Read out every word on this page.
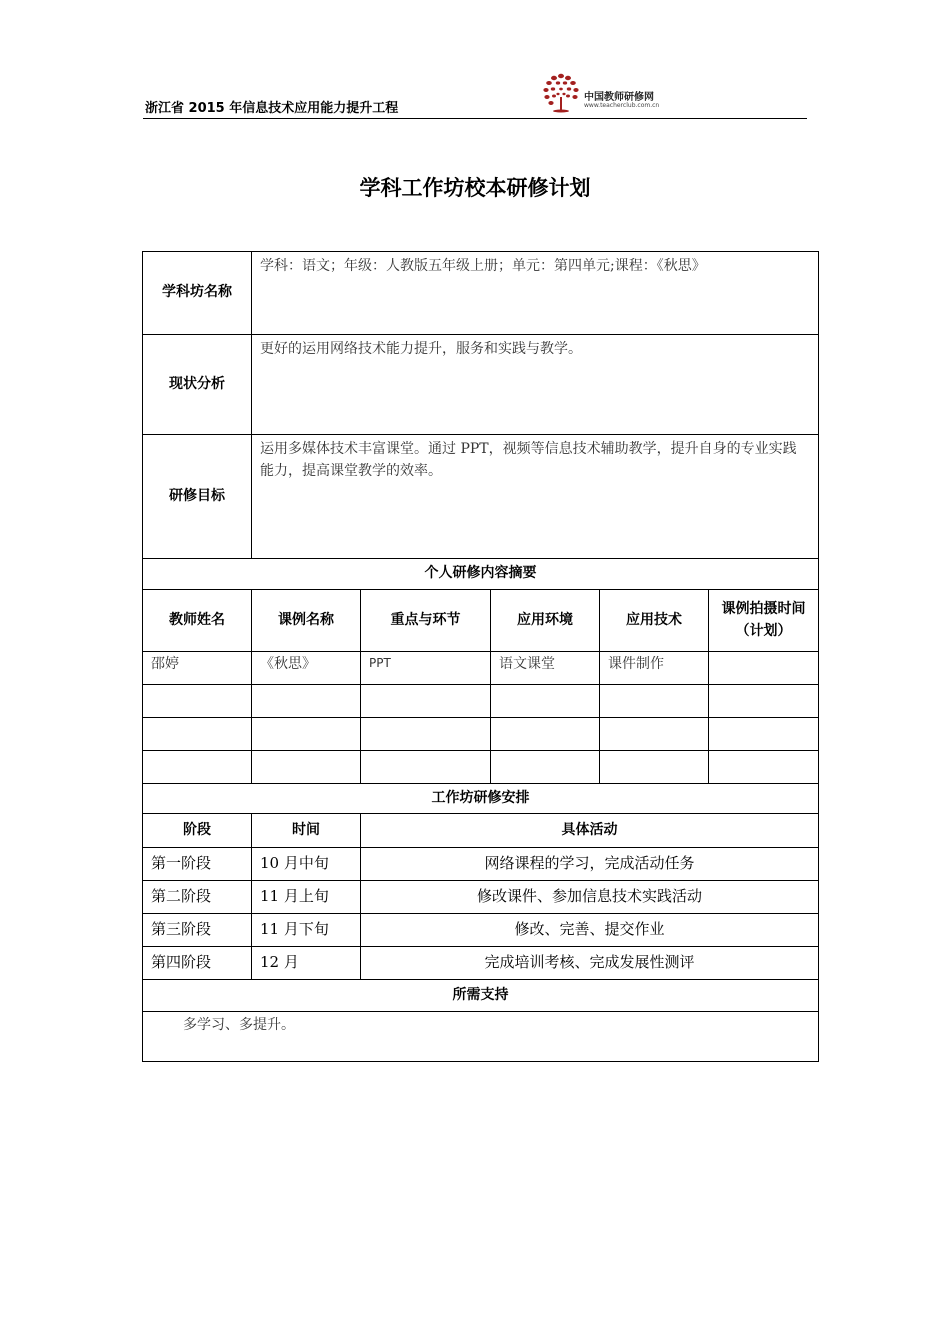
浙江省 2015 年信息技术应用能力提升工程
中国教师研修网
www.teacherclub.com.cn
学科工作坊校本研修计划
学科坊名称	学科：语文；年级：人教版五年级上册；单元：第四单元;课程：《秋思》				
现状分析	更好的运用网络技术能力提升，服务和实践与教学。				
研修目标	运用多媒体技术丰富课堂。通过 PPT，视频等信息技术辅助教学，提升自身的专业实践能力，提高课堂教学的效率。				
个人研修内容摘要					
教师姓名	课例名称	重点与环节	应用环境	应用技术	课例拍摄时间（计划）
邵婷	《秋思》	PPT	语文课堂	课件制作	

工作坊研修安排					
阶段	时间	具体活动			
第一阶段	10 月中旬	网络课程的学习，完成活动任务			
第二阶段	11 月上旬	修改课件、参加信息技术实践活动			
第三阶段	11 月下旬	修改、完善、提交作业			
第四阶段	12 月	完成培训考核、完成发展性测评			
所需支持					
多学习、多提升。					
